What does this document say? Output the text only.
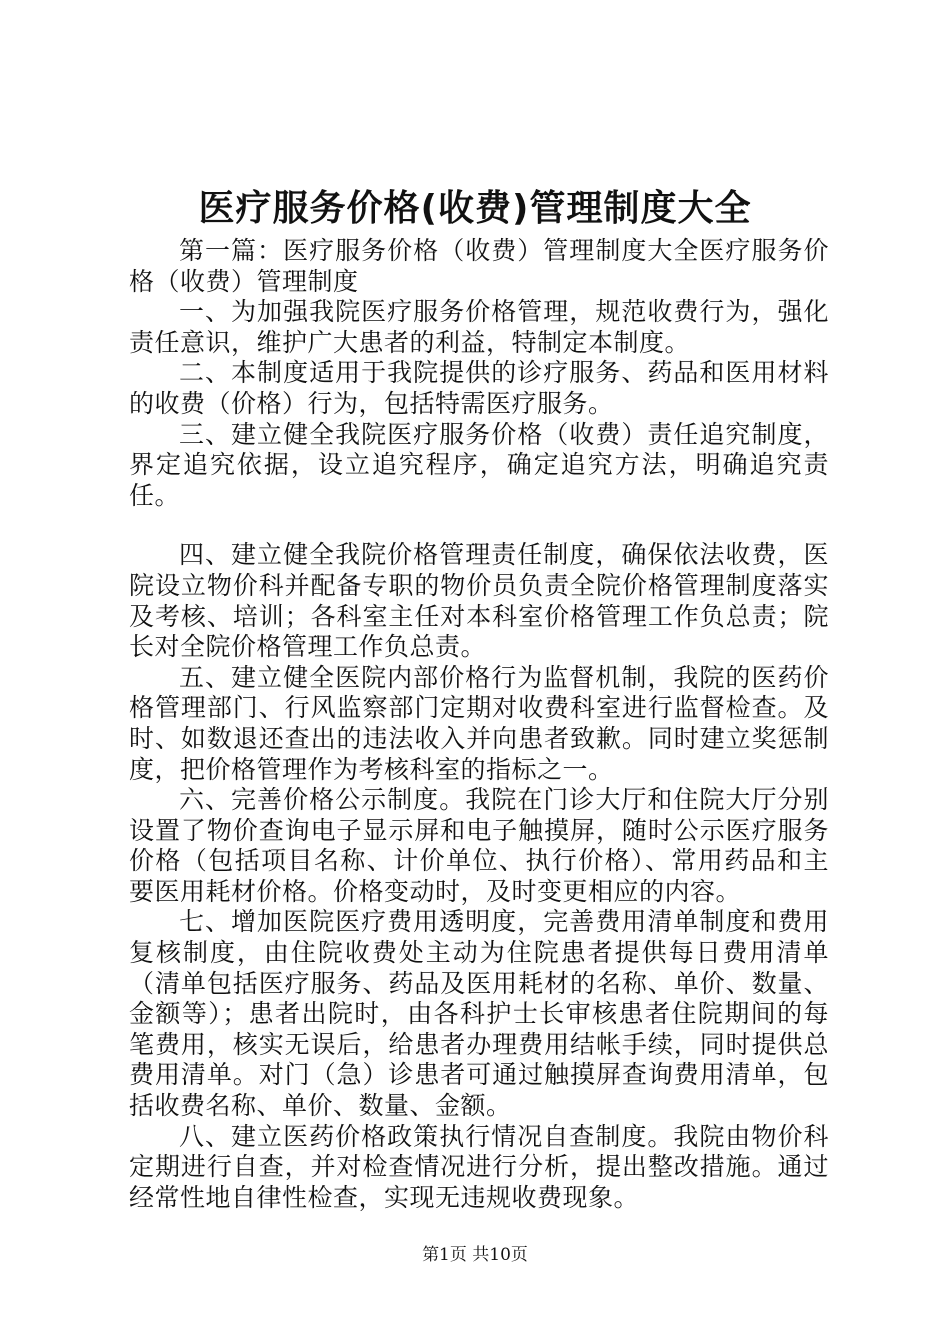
医疗服务价格(收费)管理制度大全

第一篇：医疗服务价格（收费）管理制度大全医疗服务价格（收费）管理制度

一、为加强我院医疗服务价格管理，规范收费行为，强化责任意识，维护广大患者的利益，特制定本制度。

二、本制度适用于我院提供的诊疗服务、药品和医用材料的收费（价格）行为，包括特需医疗服务。

三、建立健全我院医疗服务价格（收费）责任追究制度，界定追究依据，设立追究程序，确定追究方法，明确追究责任。

四、建立健全我院价格管理责任制度，确保依法收费，医院设立物价科并配备专职的物价员负责全院价格管理制度落实及考核、培训；各科室主任对本科室价格管理工作负总责；院长对全院价格管理工作负总责。

五、建立健全医院内部价格行为监督机制，我院的医药价格管理部门、行风监察部门定期对收费科室进行监督检查。及时、如数退还查出的违法收入并向患者致歉。同时建立奖惩制度，把价格管理作为考核科室的指标之一。

六、完善价格公示制度。我院在门诊大厅和住院大厅分别设置了物价查询电子显示屏和电子触摸屏，随时公示医疗服务价格（包括项目名称、计价单位、执行价格）、常用药品和主要医用耗材价格。价格变动时，及时变更相应的内容。

七、增加医院医疗费用透明度，完善费用清单制度和费用复核制度，由住院收费处主动为住院患者提供每日费用清单（清单包括医疗服务、药品及医用耗材的名称、单价、数量、金额等）；患者出院时，由各科护士长审核患者住院期间的每笔费用，核实无误后，给患者办理费用结帐手续，同时提供总费用清单。对门（急）诊患者可通过触摸屏查询费用清单，包括收费名称、单价、数量、金额。

八、建立医药价格政策执行情况自查制度。我院由物价科定期进行自查，并对检查情况进行分析，提出整改措施。通过经常性地自律性检查，实现无违规收费现象。

第1页 共10页
